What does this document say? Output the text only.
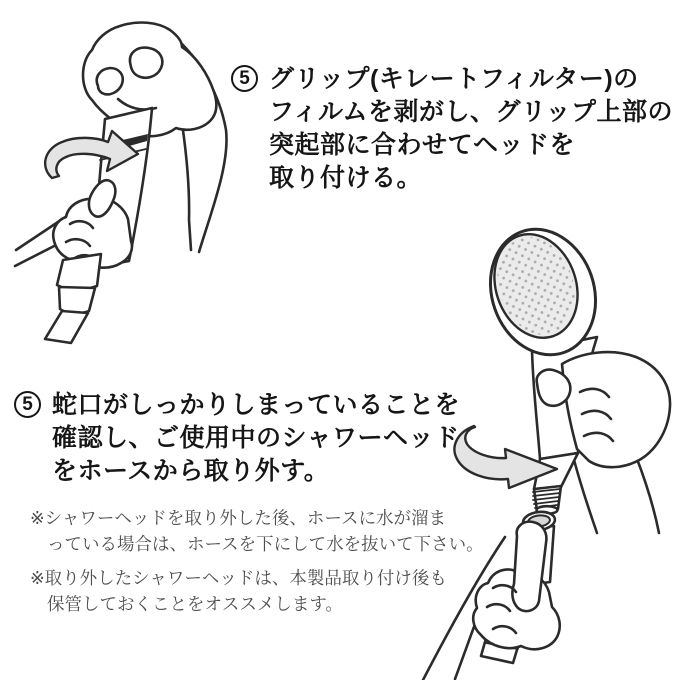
5 グリップ(キレートフィルター)の
フィルムを剥がし、グリップ上部の
突起部に合わせてヘッドを
取り付ける。
5 蛇口がしっかりしまっていることを
確認し、ご使用中のシャワーヘッド
をホースから取り外す。
※シャワーヘッドを取り外した後、ホースに水が溜ま
っている場合は、ホースを下にして水を抜いて下さい。
※取り外したシャワーヘッドは、本製品取り付け後も
保管しておくことをオススメします。
